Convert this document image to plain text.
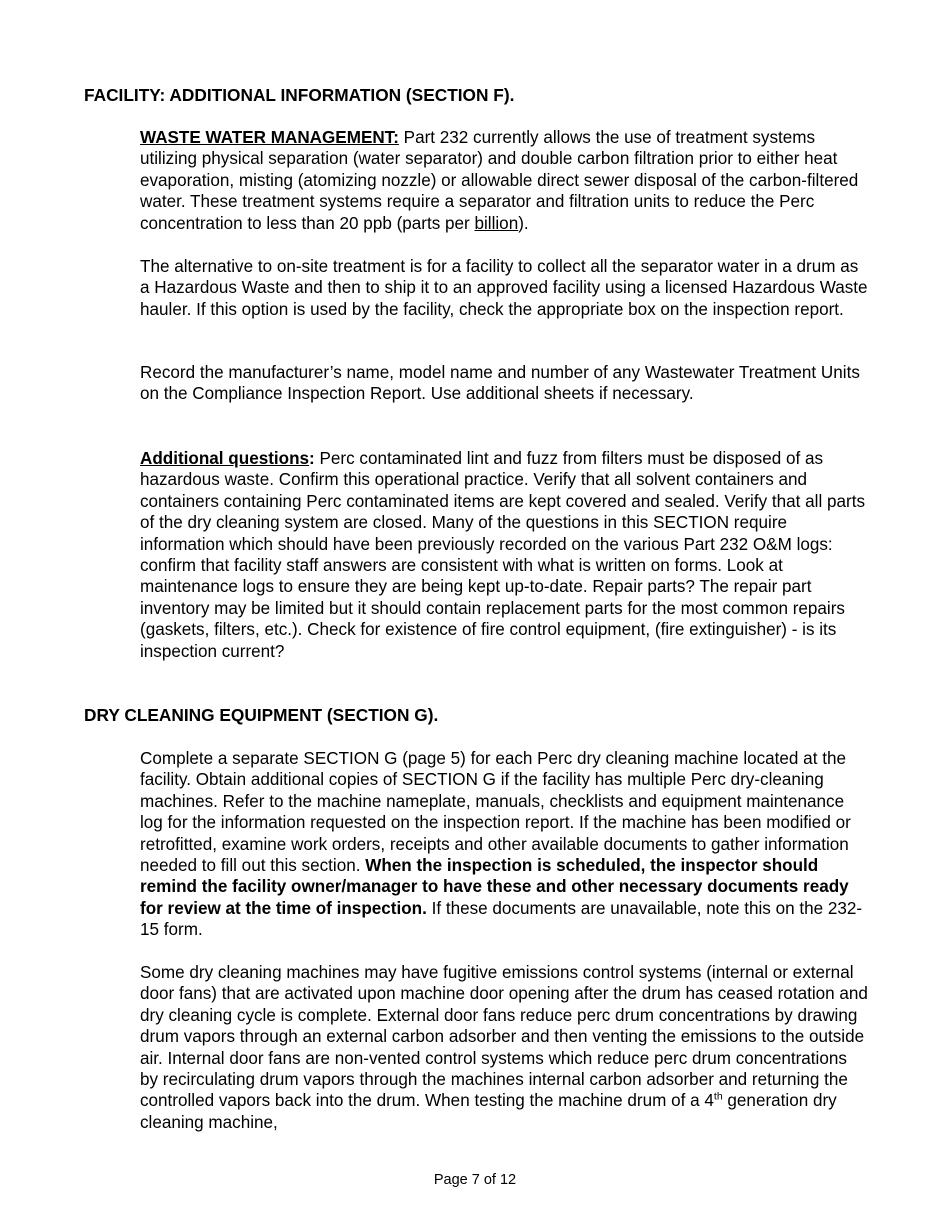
FACILITY: ADDITIONAL INFORMATION (SECTION F).

WASTE WATER MANAGEMENT: Part 232 currently allows the use of treatment systems utilizing physical separation (water separator) and double carbon filtration prior to either heat evaporation, misting (atomizing nozzle) or allowable direct sewer disposal of the carbon-filtered water. These treatment systems require a separator and filtration units to reduce the Perc concentration to less than 20 ppb (parts per billion).

The alternative to on-site treatment is for a facility to collect all the separator water in a drum as a Hazardous Waste and then to ship it to an approved facility using a licensed Hazardous Waste hauler. If this option is used by the facility, check the appropriate box on the inspection report.

Record the manufacturer’s name, model name and number of any Wastewater Treatment Units on the Compliance Inspection Report. Use additional sheets if necessary.

Additional questions: Perc contaminated lint and fuzz from filters must be disposed of as hazardous waste. Confirm this operational practice. Verify that all solvent containers and containers containing Perc contaminated items are kept covered and sealed. Verify that all parts of the dry cleaning system are closed. Many of the questions in this SECTION require information which should have been previously recorded on the various Part 232 O&M logs: confirm that facility staff answers are consistent with what is written on forms. Look at maintenance logs to ensure they are being kept up-to-date. Repair parts? The repair part inventory may be limited but it should contain replacement parts for the most common repairs (gaskets, filters, etc.). Check for existence of fire control equipment, (fire extinguisher) - is its inspection current?

DRY CLEANING EQUIPMENT (SECTION G).

Complete a separate SECTION G (page 5) for each Perc dry cleaning machine located at the facility. Obtain additional copies of SECTION G if the facility has multiple Perc dry-cleaning machines. Refer to the machine nameplate, manuals, checklists and equipment maintenance log for the information requested on the inspection report. If the machine has been modified or retrofitted, examine work orders, receipts and other available documents to gather information needed to fill out this section. When the inspection is scheduled, the inspector should remind the facility owner/manager to have these and other necessary documents ready for review at the time of inspection. If these documents are unavailable, note this on the 232-15 form.

Some dry cleaning machines may have fugitive emissions control systems (internal or external door fans) that are activated upon machine door opening after the drum has ceased rotation and dry cleaning cycle is complete. External door fans reduce perc drum concentrations by drawing drum vapors through an external carbon adsorber and then venting the emissions to the outside air. Internal door fans are non-vented control systems which reduce perc drum concentrations by recirculating drum vapors through the machines internal carbon adsorber and returning the controlled vapors back into the drum. When testing the machine drum of a 4th generation dry cleaning machine,

Page 7 of 12
